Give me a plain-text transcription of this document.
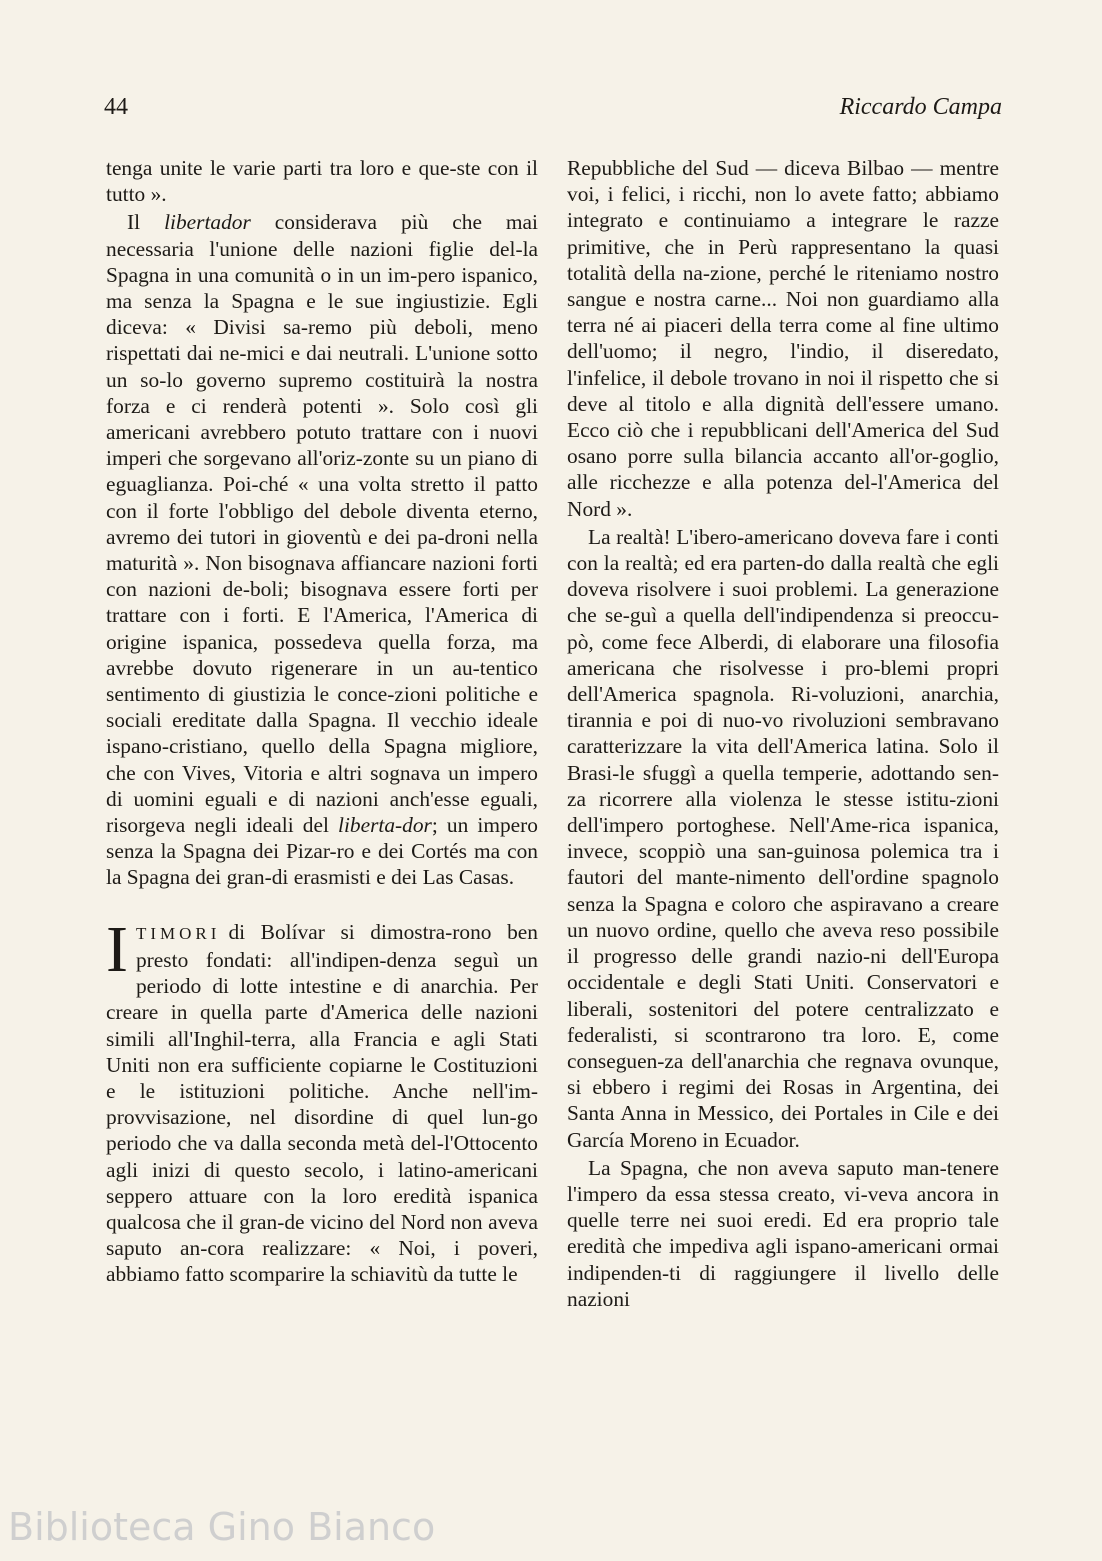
44	Riccardo Campa

tenga unite le varie parti tra loro e que-ste con il tutto ».

Il libertador considerava più che mai necessaria l'unione delle nazioni figlie del-la Spagna in una comunità o in un im-pero ispanico, ma senza la Spagna e le sue ingiustizie. Egli diceva: « Divisi sa-remo più deboli, meno rispettati dai ne-mici e dai neutrali. L'unione sotto un so-lo governo supremo costituirà la nostra forza e ci renderà potenti ». Solo così gli americani avrebbero potuto trattare con i nuovi imperi che sorgevano all'oriz-zonte su un piano di eguaglianza. Poi-ché « una volta stretto il patto con il forte l'obbligo del debole diventa eterno, avremo dei tutori in gioventù e dei pa-droni nella maturità ». Non bisognava affiancare nazioni forti con nazioni de-boli; bisognava essere forti per trattare con i forti. E l'America, l'America di origine ispanica, possedeva quella forza, ma avrebbe dovuto rigenerare in un au-tentico sentimento di giustizia le conce-zioni politiche e sociali ereditate dalla Spagna. Il vecchio ideale ispano-cristiano, quello della Spagna migliore, che con Vives, Vitoria e altri sognava un impero di uomini eguali e di nazioni anch'esse eguali, risorgeva negli ideali del liberta-dor; un impero senza la Spagna dei Pizar-ro e dei Cortés ma con la Spagna dei gran-di erasmisti e dei Las Casas.

ITIMORI di Bolívar si dimostra-rono ben presto fondati: all'indipen-denza seguì un periodo di lotte intestine e di anarchia. Per creare in quella parte d'America delle nazioni simili all'Inghil-terra, alla Francia e agli Stati Uniti non era sufficiente copiarne le Costituzioni e le istituzioni politiche. Anche nell'im-provvisazione, nel disordine di quel lun-go periodo che va dalla seconda metà del-l'Ottocento agli inizi di questo secolo, i latino-americani seppero attuare con la loro eredità ispanica qualcosa che il gran-de vicino del Nord non aveva saputo an-cora realizzare: « Noi, i poveri, abbiamo fatto scomparire la schiavitù da tutte le

Repubbliche del Sud — diceva Bilbao — mentre voi, i felici, i ricchi, non lo avete fatto; abbiamo integrato e continuiamo a integrare le razze primitive, che in Perù rappresentano la quasi totalità della na-zione, perché le riteniamo nostro sangue e nostra carne... Noi non guardiamo alla terra né ai piaceri della terra come al fine ultimo dell'uomo; il negro, l'indio, il diseredato, l'infelice, il debole trovano in noi il rispetto che si deve al titolo e alla dignità dell'essere umano. Ecco ciò che i repubblicani dell'America del Sud osano porre sulla bilancia accanto all'or-goglio, alle ricchezze e alla potenza del-l'America del Nord ».

La realtà! L'ibero-americano doveva fare i conti con la realtà; ed era parten-do dalla realtà che egli doveva risolvere i suoi problemi. La generazione che se-guì a quella dell'indipendenza si preoccu-pò, come fece Alberdi, di elaborare una filosofia americana che risolvesse i pro-blemi propri dell'America spagnola. Ri-voluzioni, anarchia, tirannia e poi di nuo-vo rivoluzioni sembravano caratterizzare la vita dell'America latina. Solo il Brasi-le sfuggì a quella temperie, adottando sen-za ricorrere alla violenza le stesse istitu-zioni dell'impero portoghese. Nell'Ame-rica ispanica, invece, scoppiò una san-guinosa polemica tra i fautori del mante-nimento dell'ordine spagnolo senza la Spagna e coloro che aspiravano a creare un nuovo ordine, quello che aveva reso possibile il progresso delle grandi nazio-ni dell'Europa occidentale e degli Stati Uniti. Conservatori e liberali, sostenitori del potere centralizzato e federalisti, si scontrarono tra loro. E, come conseguen-za dell'anarchia che regnava ovunque, si ebbero i regimi dei Rosas in Argentina, dei Santa Anna in Messico, dei Portales in Cile e dei García Moreno in Ecuador.

La Spagna, che non aveva saputo man-tenere l'impero da essa stessa creato, vi-veva ancora in quelle terre nei suoi eredi. Ed era proprio tale eredità che impediva agli ispano-americani ormai indipenden-ti di raggiungere il livello delle nazioni

Biblioteca Gino Bianco
